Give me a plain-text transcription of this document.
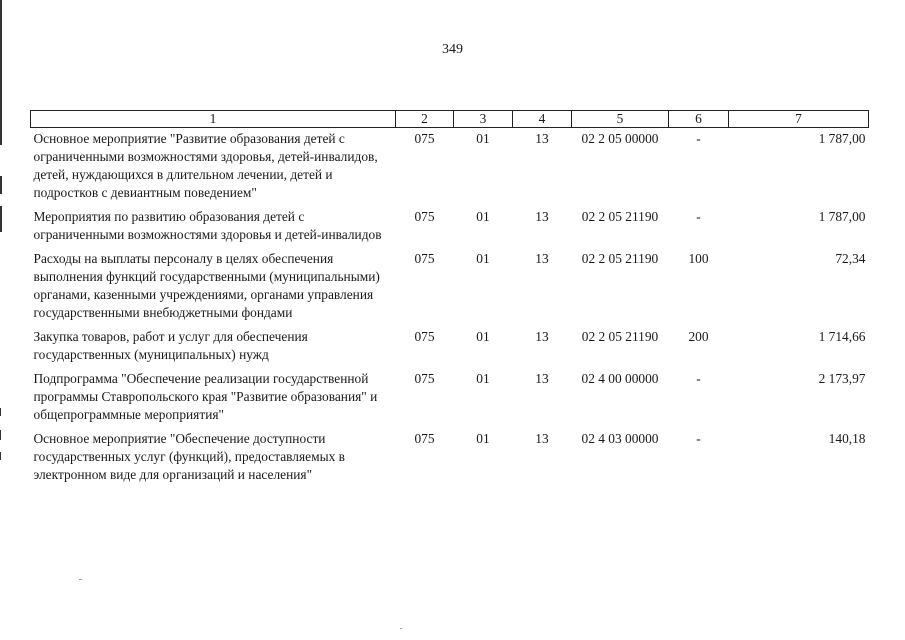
349
1	2	3	4	5	6	7
Основное мероприятие "Развитие образования детей с ограниченными возможностями здоровья, детей-инвалидов, детей, нуждающихся в длительном лечении, детей и подростков с девиантным поведением"	075	01	13	02 2 05 00000	-	1 787,00
Мероприятия по развитию образования детей с ограниченными возможностями здоровья и детей-инвалидов	075	01	13	02 2 05 21190	-	1 787,00
Расходы на выплаты персоналу в целях обеспечения выполнения функций государственными (муниципальными) органами, казенными учреждениями, органами управления государственными внебюджетными фондами	075	01	13	02 2 05 21190	100	72,34
Закупка товаров, работ и услуг для обеспечения государственных (муниципальных) нужд	075	01	13	02 2 05 21190	200	1 714,66
Подпрограмма "Обеспечение реализации государственной программы Ставропольского края "Развитие образования" и общепрограммные мероприятия"	075	01	13	02 4 00 00000	-	2 173,97
Основное мероприятие "Обеспечение доступности государственных услуг (функций), предоставляемых в электронном виде для организаций и населения"	075	01	13	02 4 03 00000	-	140,18
